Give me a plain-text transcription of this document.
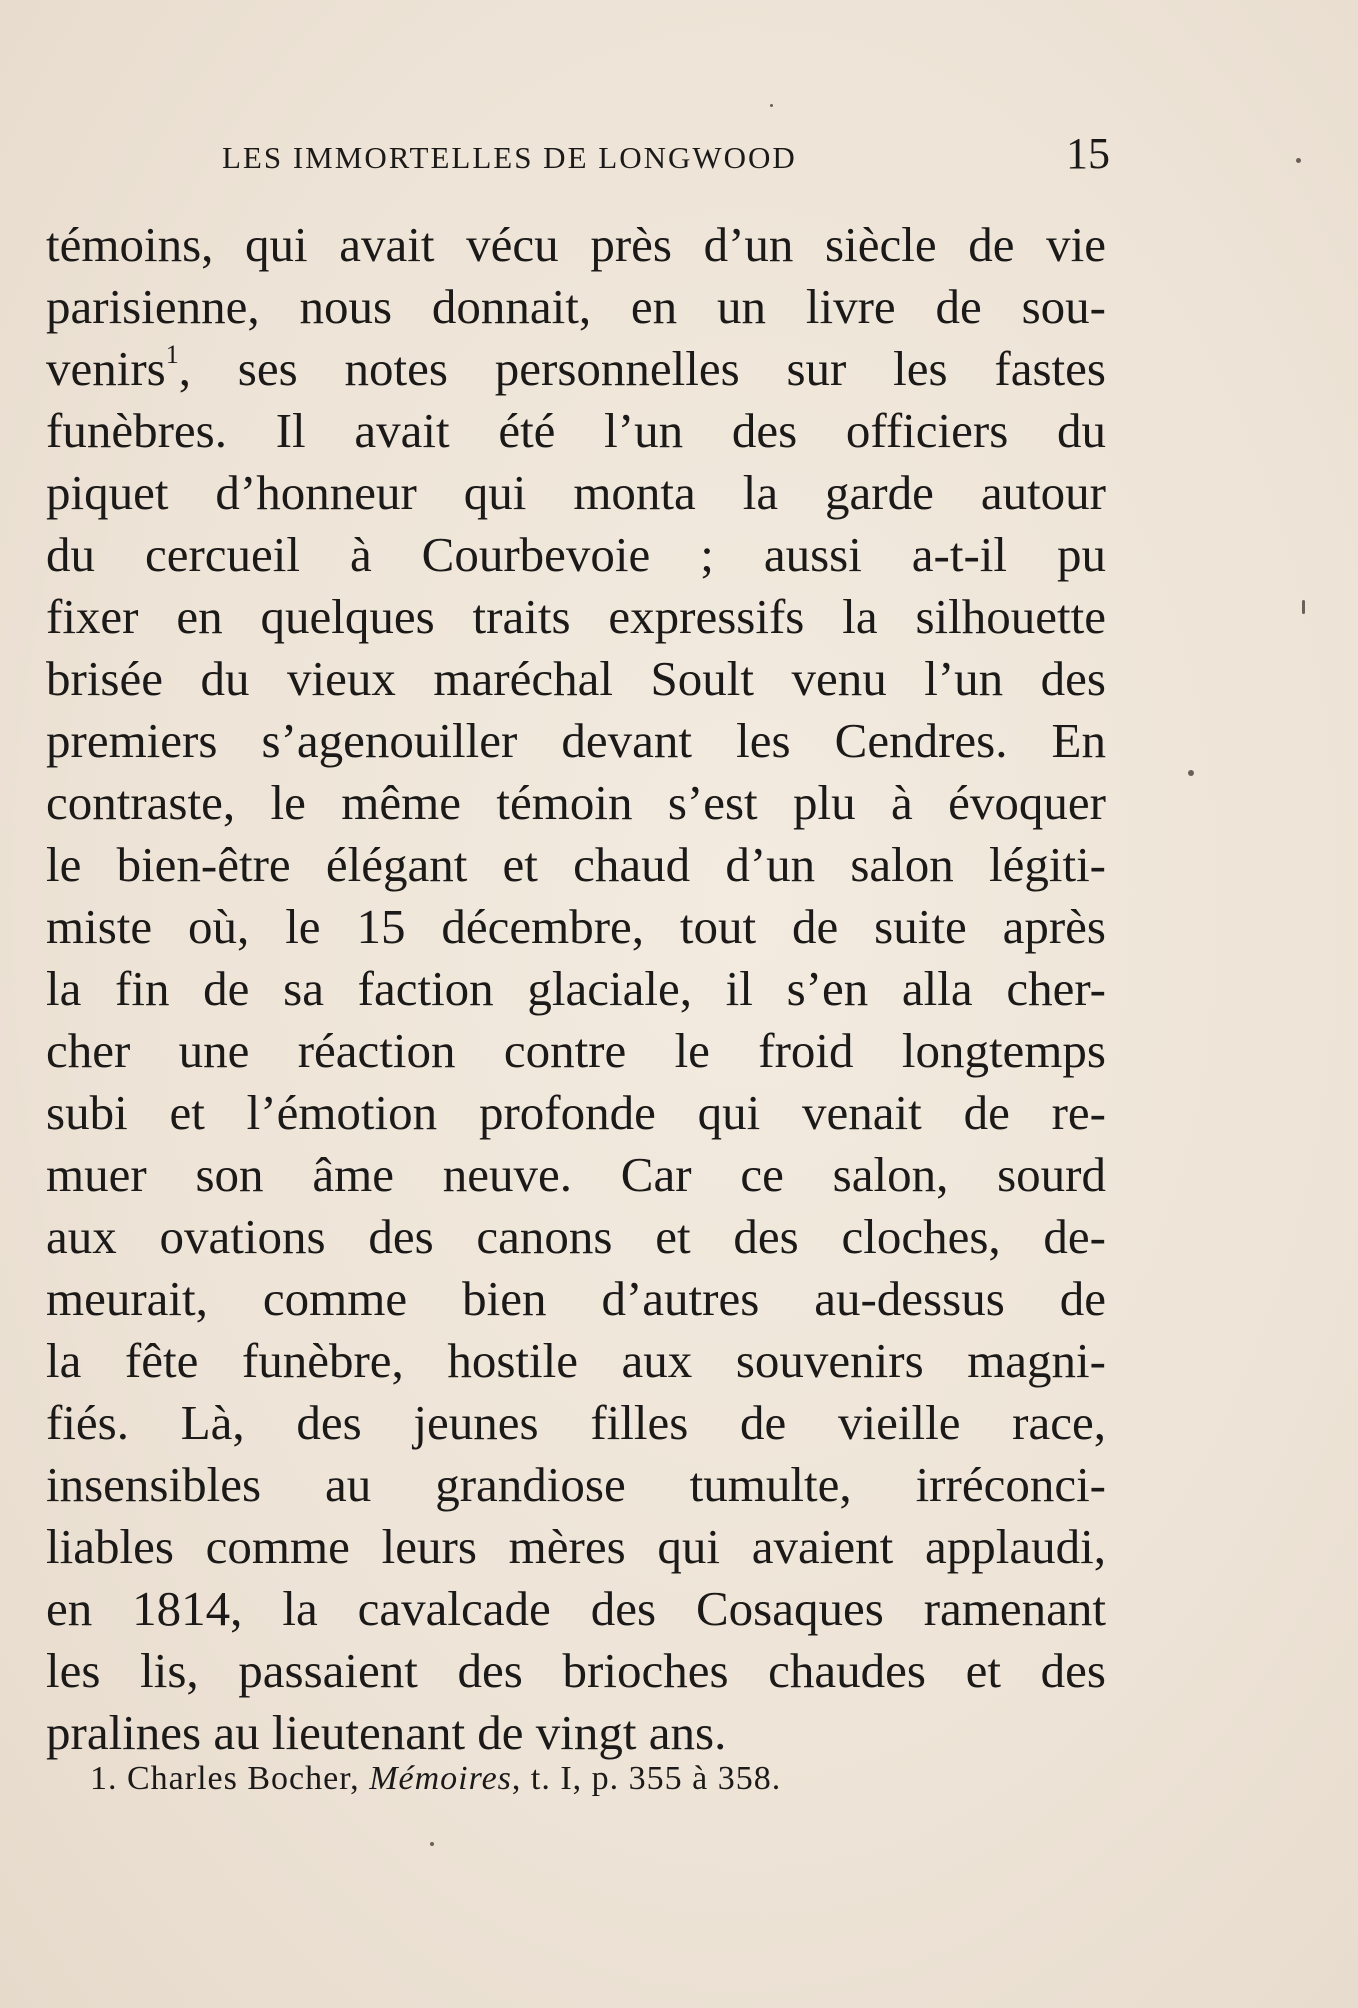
LES IMMORTELLES DE LONGWOOD	15
témoins, qui avait vécu près d’un siècle de vie
parisienne, nous donnait, en un livre de sou-
venirs$^1$, ses notes personnelles sur les fastes
funèbres. Il avait été l’un des officiers du
piquet d’honneur qui monta la garde autour
du cercueil à Courbevoie ; aussi a-t-il pu
fixer en quelques traits expressifs la silhouette
brisée du vieux maréchal Soult venu l’un des
premiers s’agenouiller devant les Cendres. En
contraste, le même témoin s’est plu à évoquer
le bien-être élégant et chaud d’un salon légiti-
miste où, le 15 décembre, tout de suite après
la fin de sa faction glaciale, il s’en alla cher-
cher une réaction contre le froid longtemps
subi et l’émotion profonde qui venait de re-
muer son âme neuve. Car ce salon, sourd
aux ovations des canons et des cloches, de-
meurait, comme bien d’autres au-dessus de
la fête funèbre, hostile aux souvenirs magni-
fiés. Là, des jeunes filles de vieille race,
insensibles au grandiose tumulte, irréconci-
liables comme leurs mères qui avaient applaudi,
en 1814, la cavalcade des Cosaques ramenant
les lis, passaient des brioches chaudes et des
pralines au lieutenant de vingt ans.
1. Charles Bocher, Mémoires, t. I, p. 355 à 358.
